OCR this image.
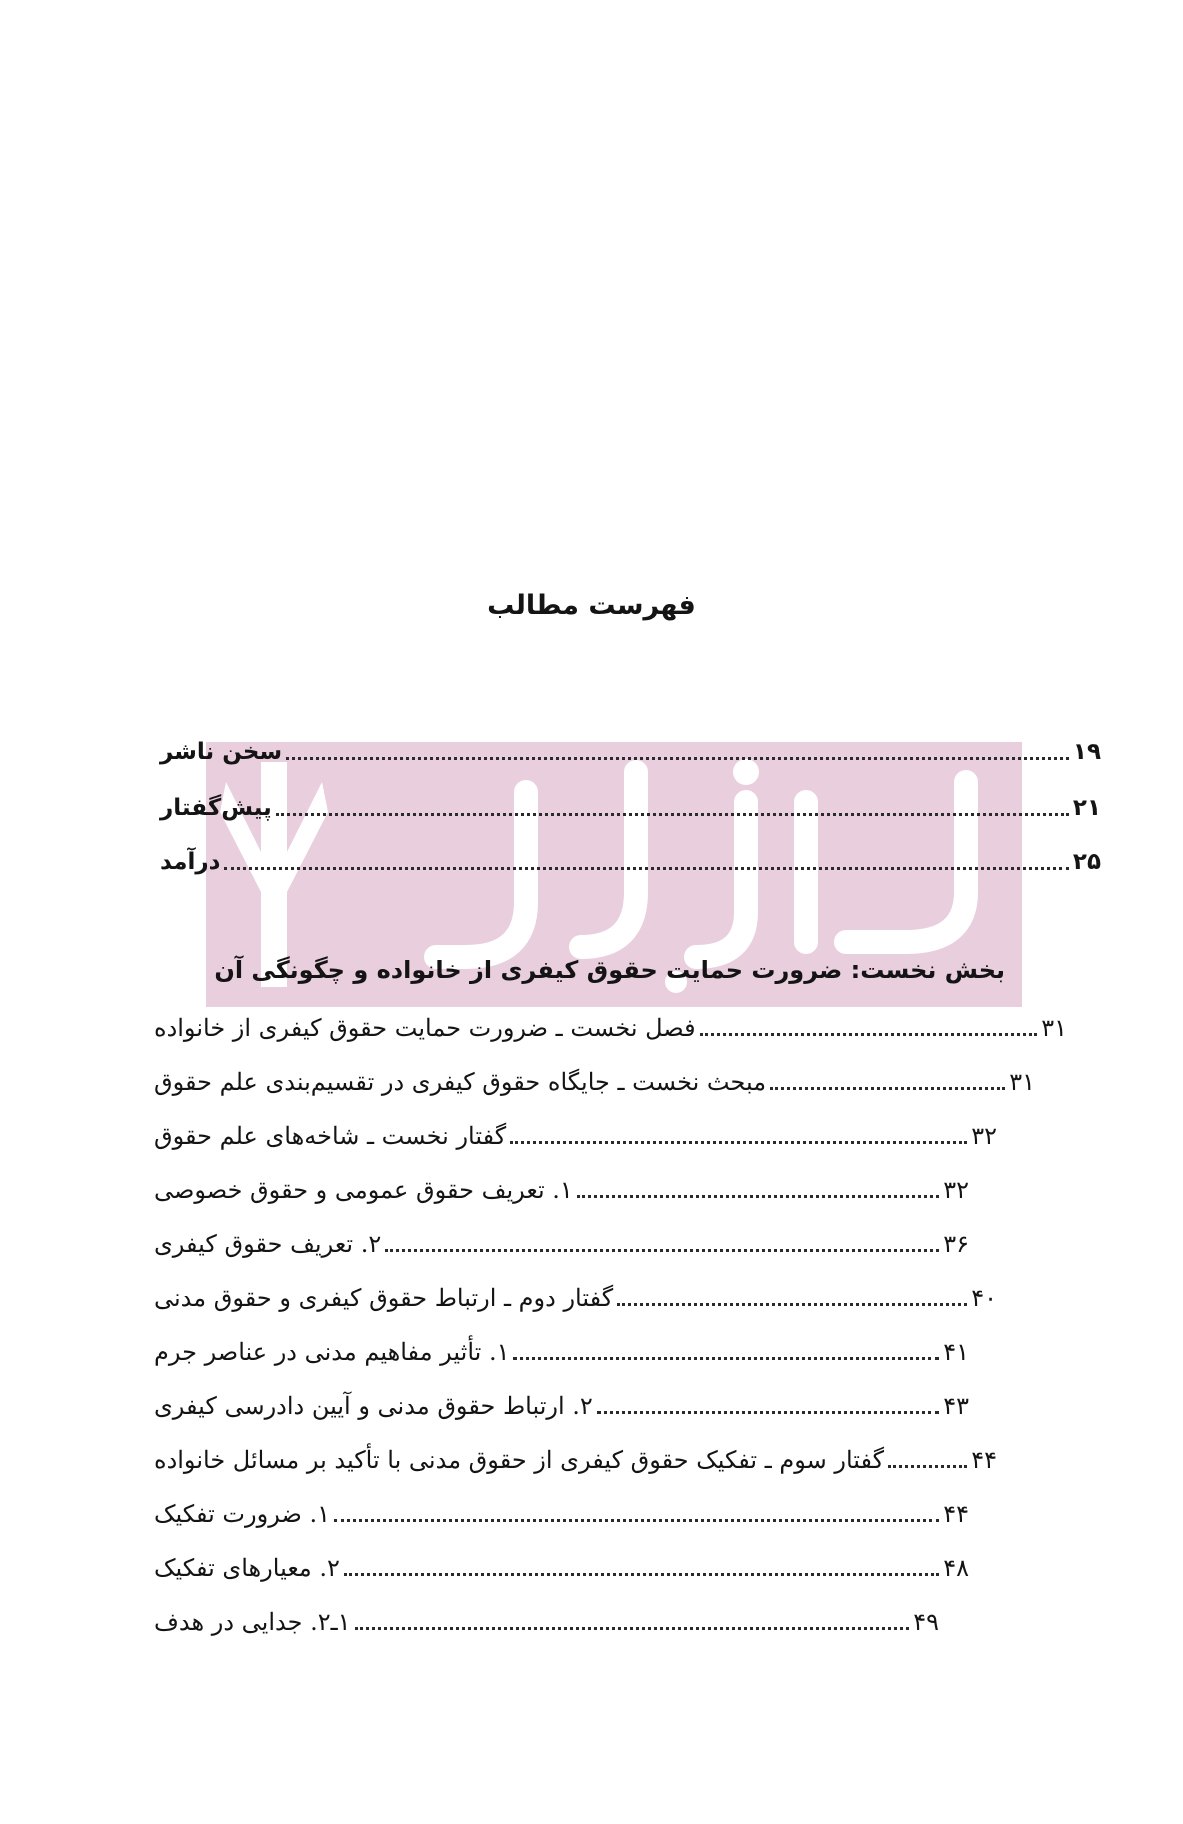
فهرست مطالب
سخن ناشر	۱۹
پیش‌گفتار	۲۱
درآمد	۲۵
بخش نخست: ضرورت حمایت حقوق کیفری از خانواده و چگونگی آن
فصل نخست ـ ضرورت حمایت حقوق کیفری از خانواده	۳۱
مبحث نخست ـ جایگاه حقوق کیفری در تقسیم‌بندی علم حقوق	۳۱
گفتار نخست ـ شاخه‌های علم حقوق	۳۲
۱. تعریف حقوق عمومی و حقوق خصوصی	۳۲
۲. تعریف حقوق کیفری	۳۶
گفتار دوم ـ ارتباط حقوق کیفری و حقوق مدنی	۴۰
۱. تأثیر مفاهیم مدنی در عناصر جرم	۴۱
۲. ارتباط حقوق مدنی و آیین دادرسی کیفری	۴۳
گفتار سوم ـ تفکیک حقوق کیفری از حقوق مدنی با تأکید بر مسائل خانواده	۴۴
۱. ضرورت تفکیک	۴۴
۲. معیارهای تفکیک	۴۸
۱ـ۲. جدایی در هدف	۴۹
